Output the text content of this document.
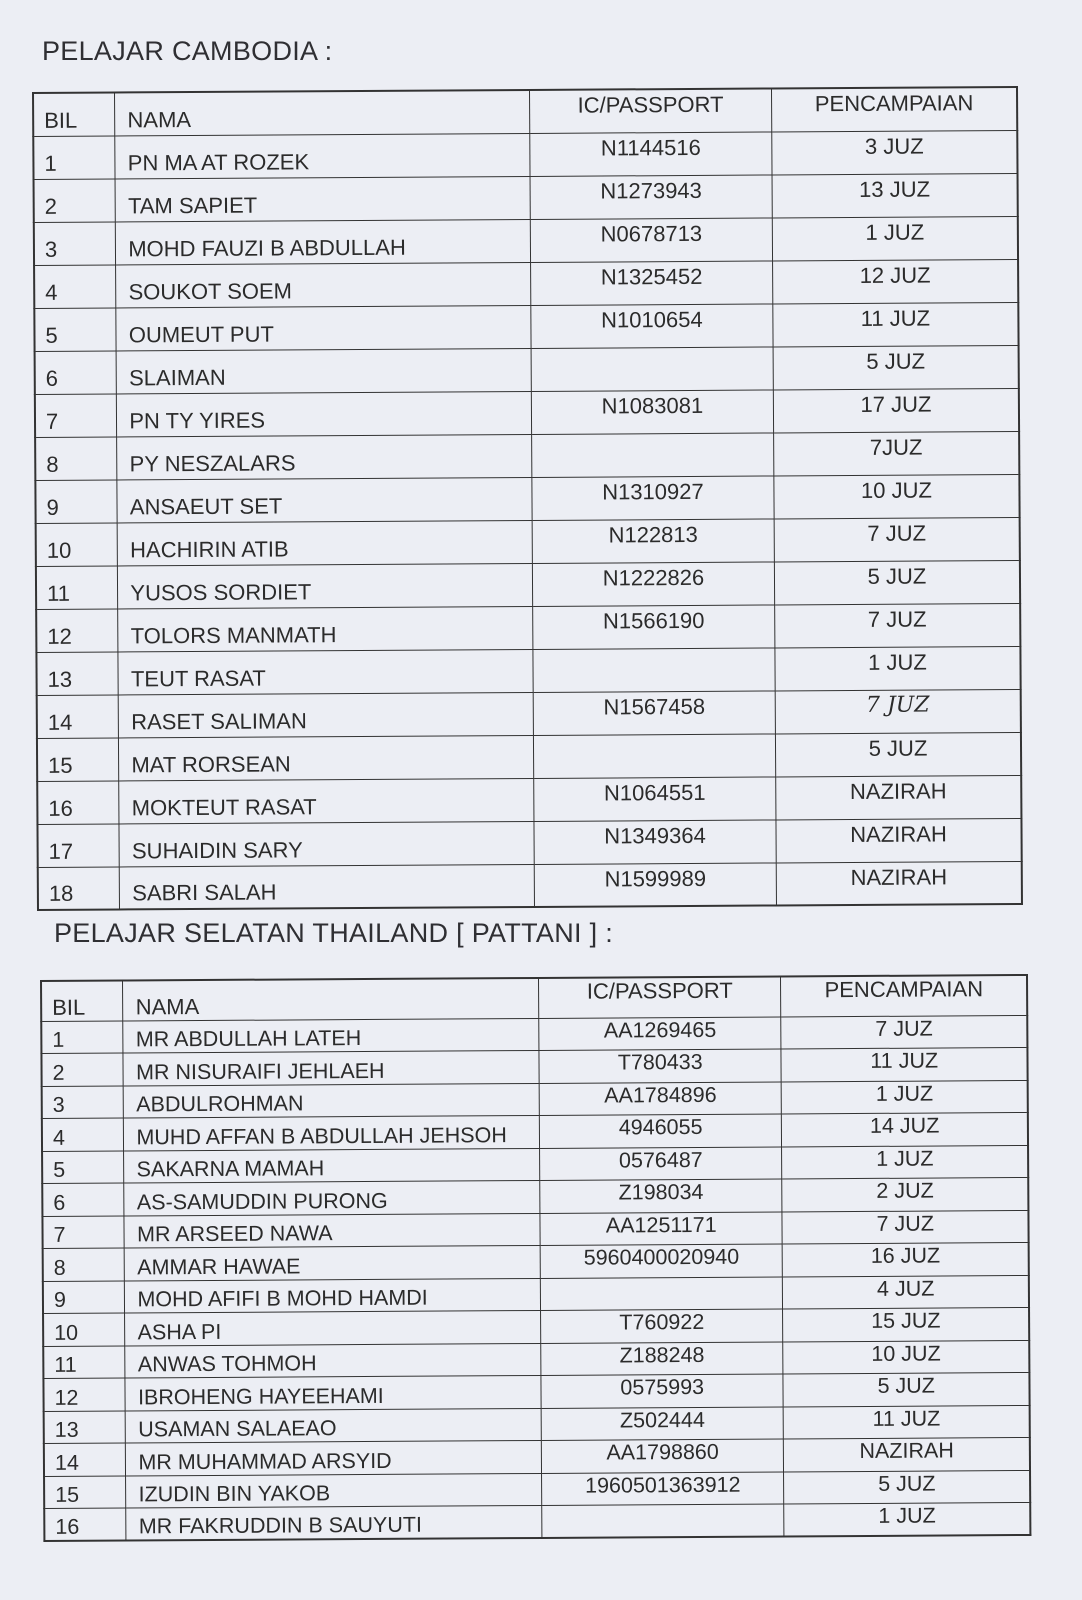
PELAJAR CAMBODIA :
BIL	NAMA	IC/PASSPORT	PENCAMPAIAN
1	PN MA AT ROZEK	N1144516	3 JUZ
2	TAM SAPIET	N1273943	13 JUZ
3	MOHD FAUZI B ABDULLAH	N0678713	1 JUZ
4	SOUKOT SOEM	N1325452	12 JUZ
5	OUMEUT PUT	N1010654	11 JUZ
6	SLAIMAN		5 JUZ
7	PN TY YIRES	N1083081	17 JUZ
8	PY NESZALARS		7JUZ
9	ANSAEUT SET	N1310927	10 JUZ
10	HACHIRIN ATIB	N122813	7 JUZ
11	YUSOS SORDIET	N1222826	5 JUZ
12	TOLORS MANMATH	N1566190	7 JUZ
13	TEUT RASAT		1 JUZ
14	RASET SALIMAN	N1567458	7 JUZ
15	MAT RORSEAN		5 JUZ
16	MOKTEUT RASAT	N1064551	NAZIRAH
17	SUHAIDIN SARY	N1349364	NAZIRAH
18	SABRI SALAH	N1599989	NAZIRAH
PELAJAR SELATAN THAILAND [ PATTANI ] :
BIL	NAMA	IC/PASSPORT	PENCAMPAIAN
1	MR ABDULLAH LATEH	AA1269465	7 JUZ
2	MR NISURAIFI JEHLAEH	T780433	11 JUZ
3	ABDULROHMAN	AA1784896	1 JUZ
4	MUHD AFFAN B ABDULLAH JEHSOH	4946055	14 JUZ
5	SAKARNA MAMAH	0576487	1 JUZ
6	AS-SAMUDDIN PURONG	Z198034	2 JUZ
7	MR ARSEED NAWA	AA1251171	7 JUZ
8	AMMAR HAWAE	5960400020940	16 JUZ
9	MOHD AFIFI B MOHD HAMDI		4 JUZ
10	ASHA PI	T760922	15 JUZ
11	ANWAS TOHMOH	Z188248	10 JUZ
12	IBROHENG HAYEEHAMI	0575993	5 JUZ
13	USAMAN SALAEAO	Z502444	11 JUZ
14	MR MUHAMMAD ARSYID	AA1798860	NAZIRAH
15	IZUDIN BIN YAKOB	1960501363912	5 JUZ
16	MR FAKRUDDIN B SAUYUTI		1 JUZ
